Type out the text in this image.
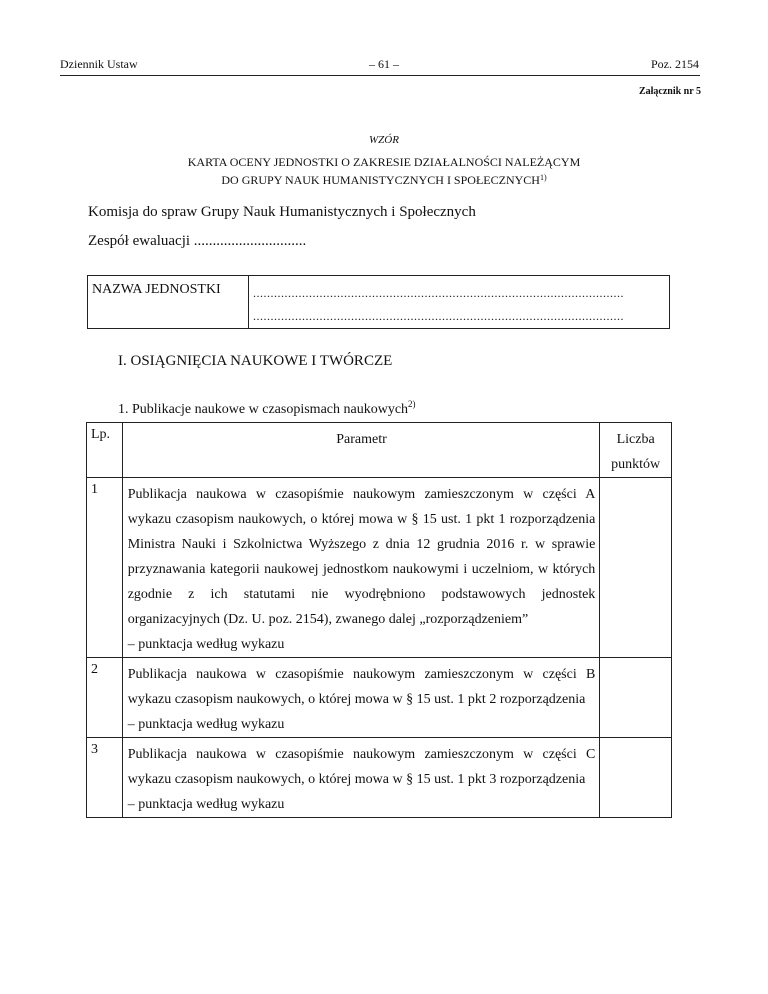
Dziennik Ustaw	– 61 –	Poz. 2154
Załącznik nr 5
WZÓR
KARTA OCENY JEDNOSTKI O ZAKRESIE DZIAŁALNOŚCI NALEŻĄCYM
DO GRUPY NAUK HUMANISTYCZNYCH I SPOŁECZNYCH$^{1)}$
Komisja do spraw Grupy Nauk Humanistycznych i Społecznych
Zespół ewaluacji ..............................
NAZWA JEDNOSTKI	..........................................................................................................
..........................................................................................................
I. OSIĄGNIĘCIA NAUKOWE I TWÓRCZE
1. Publikacje naukowe w czasopismach naukowych$^{2)}$
Lp.	Parametr	Liczba punktów
1	Publikacja naukowa w czasopiśmie naukowym zamieszczonym w części A wykazu czasopism naukowych, o której mowa w § 15 ust. 1 pkt 1 rozporządzenia Ministra Nauki i Szkolnictwa Wyższego z dnia 12 grudnia 2016 r. w sprawie przyznawania kategorii naukowej jednostkom naukowymi i uczelniom, w których zgodnie z ich statutami nie wyodrębniono podstawowych jednostek organizacyjnych (Dz. U. poz. 2154), zwanego dalej „rozporządzeniem”
– punktacja według wykazu	

2	Publikacja naukowa w czasopiśmie naukowym zamieszczonym w części B wykazu czasopism naukowych, o której mowa w § 15 ust. 1 pkt 2 rozporządzenia
– punktacja według wykazu	

3	Publikacja naukowa w czasopiśmie naukowym zamieszczonym w części C wykazu czasopism naukowych, o której mowa w § 15 ust. 1 pkt 3 rozporządzenia
– punktacja według wykazu	
